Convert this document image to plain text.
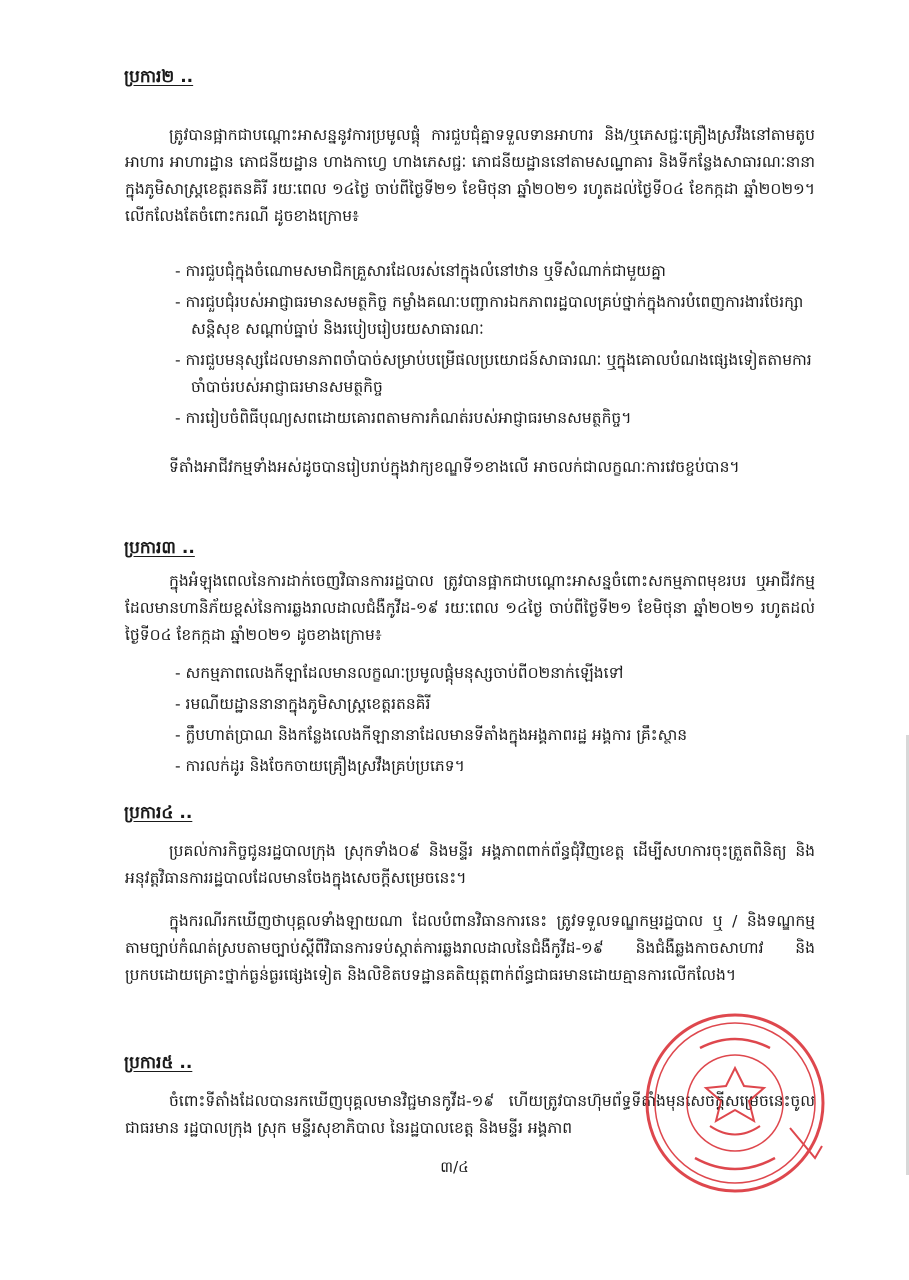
ប្រការ២ ..

ត្រូវបានផ្អាកជាបណ្ដោះអាសន្ននូវការប្រមូលផ្ដុំ ការជួបជុំគ្នាទទួលទានអាហារ និង/ឬភេសជ្ជៈគ្រឿងស្រវឹងនៅតាមតូបអាហារ អាហារដ្ឋាន ភោជនីយដ្ឋាន ហាងកាហ្វេ ហាងភេសជ្ជៈ ភោជនីយដ្ឋាននៅតាមសណ្ឋាគារ និងទីកន្លែងសាធារណៈនានាក្នុងភូមិសាស្ត្រខេត្តរតនគិរី រយៈពេល ១៤ថ្ងៃ ចាប់ពីថ្ងៃទី២១ ខែមិថុនា ឆ្នាំ២០២១ រហូតដល់ថ្ងៃទី០៤ ខែកក្កដា ឆ្នាំ២០២១។ លើកលែងតែចំពោះករណី ដូចខាងក្រោម៖

- ការជួបជុំក្នុងចំណោមសមាជិកគ្រួសារដែលរស់នៅក្នុងលំនៅឋាន ឬទីសំណាក់ជាមួយគ្នា
- ការជួបជុំរបស់អាជ្ញាធរមានសមត្ថកិច្ច កម្លាំងគណៈបញ្ជាការឯកភាពរដ្ឋបាលគ្រប់ថ្នាក់ក្នុងការបំពេញការងារថែរក្សាសន្ដិសុខ សណ្ដាប់ធ្នាប់ និងរបៀបរៀបរយសាធារណៈ
- ការជួបមនុស្សដែលមានភាពចាំបាច់សម្រាប់បម្រើផលប្រយោជន៍សាធារណៈ ឬក្នុងគោលបំណងផ្សេងទៀតតាមការចាំបាច់របស់អាជ្ញាធរមានសមត្ថកិច្ច
- ការរៀបចំពិធីបុណ្យសពដោយគោរពតាមការកំណត់របស់អាជ្ញាធរមានសមត្ថកិច្ច។

ទីតាំងអាជីវកម្មទាំងអស់ដូចបានរៀបរាប់ក្នុងវាក្យខណ្ឌទី១ខាងលើ អាចលក់ជាលក្ខណៈការវេចខ្ចប់បាន។

ប្រការ៣ ..

ក្នុងអំឡុងពេលនៃការដាក់ចេញវិធានការរដ្ឋបាល ត្រូវបានផ្អាកជាបណ្ដោះអាសន្នចំពោះសកម្មភាពមុខរបរ ឬអាជីវកម្មដែលមានហានិភ័យខ្ពស់នៃការឆ្លងរាលដាលជំងឺកូវីដ-១៩ រយៈពេល ១៤ថ្ងៃ ចាប់ពីថ្ងៃទី២១ ខែមិថុនា ឆ្នាំ២០២១ រហូតដល់ថ្ងៃទី០៤ ខែកក្កដា ឆ្នាំ២០២១ ដូចខាងក្រោម៖

- សកម្មភាពលេងកីឡាដែលមានលក្ខណៈប្រមូលផ្ដុំមនុស្សចាប់ពី០២នាក់ឡើងទៅ
- រមណីយដ្ឋាននានាក្នុងភូមិសាស្ត្រខេត្តរតនគិរី
- ក្លឹបហាត់ប្រាណ និងកន្លែងលេងកីឡានានាដែលមានទីតាំងក្នុងអង្គភាពរដ្ឋ អង្គការ គ្រឹះស្ថាន
- ការលក់ដូរ និងចែកចាយគ្រឿងស្រវឹងគ្រប់ប្រភេទ។
ប្រការ៤ ..

ប្រគល់ការកិច្ចជូនរដ្ឋបាលក្រុង ស្រុកទាំង០៩ និងមន្ទីរ អង្គភាពពាក់ព័ន្ធជុំវិញខេត្ត ដើម្បីសហការចុះត្រួតពិនិត្យ និងអនុវត្តវិធានការរដ្ឋបាលដែលមានចែងក្នុងសេចក្ដីសម្រេចនេះ។

ក្នុងករណីរកឃើញថាបុគ្គលទាំងឡាយណា ដែលបំពានវិធានការនេះ ត្រូវទទួលទណ្ឌកម្មរដ្ឋបាល ឬ / និងទណ្ឌកម្មតាមច្បាប់កំណត់ស្របតាមច្បាប់ស្ដីពីវិធានការទប់ស្កាត់ការឆ្លងរាលដាលនៃជំងឺកូវីដ-១៩ និងជំងឺឆ្លងកាចសាហាវ និងប្រកបដោយគ្រោះថ្នាក់ធ្ងន់ធ្ងរផ្សេងទៀត និងលិខិតបទដ្ឋានគតិយុត្តពាក់ព័ន្ធជាធរមានដោយគ្មានការលើកលែង។

ប្រការ៥ ..

ចំពោះទីតាំងដែលបានរកឃើញបុគ្គលមានវិជ្ជមានកូវីដ-១៩ ហើយត្រូវបានហ៊ុមព័ទ្ធទីតាំងមុនសេចក្ដីសម្រេចនេះចូលជាធរមាន រដ្ឋបាលក្រុង ស្រុក មន្ទីរសុខាភិបាល នៃរដ្ឋបាលខេត្ត និងមន្ទីរ អង្គភាព

៣/៤
